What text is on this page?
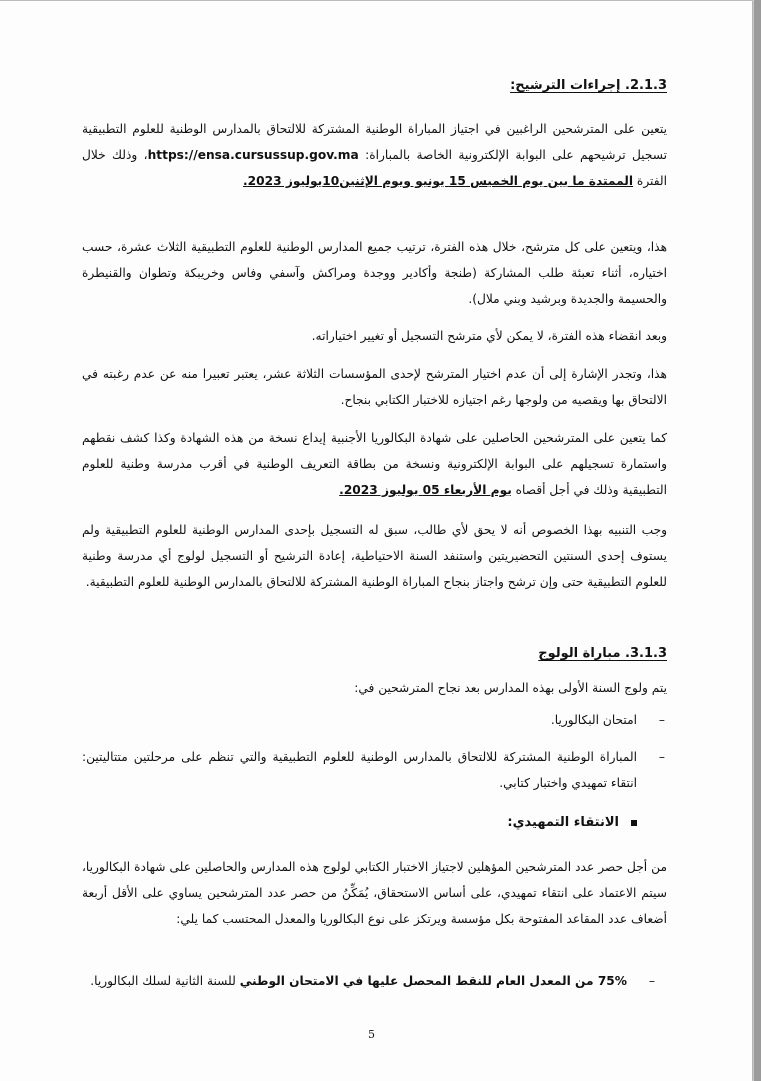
2.1.3. إجراءات الترشيح:

يتعين على المترشحين الراغبين في اجتياز المباراة الوطنية المشتركة للالتحاق بالمدارس الوطنية للعلوم التطبيقية تسجيل ترشيحهم على البوابة الإلكترونية الخاصة بالمباراة: https://ensa.cursussup.gov.ma، وذلك خلال الفترة الممتدة ما بين يوم الخميس 15 يونيو ويوم الإثنين10يوليوز 2023.

هذا، ويتعين على كل مترشح، خلال هذه الفترة، ترتيب جميع المدارس الوطنية للعلوم التطبيقية الثلاث عشرة، حسب اختياره، أثناء تعبئة طلب المشاركة (طنجة وأكادير ووجدة ومراكش وآسفي وفاس وخريبكة وتطوان والقنيطرة والحسيمة والجديدة وبرشيد وبني ملال).

وبعد انقضاء هذه الفترة، لا يمكن لأي مترشح التسجيل أو تغيير اختياراته.

هذا، وتجدر الإشارة إلى أن عدم اختيار المترشح لإحدى المؤسسات الثلاثة عشر، يعتبر تعبيرا منه عن عدم رغبته في الالتحاق بها ويقصيه من ولوجها رغم اجتيازه للاختبار الكتابي بنجاح.

كما يتعين على المترشحين الحاصلين على شهادة البكالوريا الأجنبية إيداع نسخة من هذه الشهادة وكذا كشف نقطهم واستمارة تسجيلهم على البوابة الإلكترونية ونسخة من بطاقة التعريف الوطنية في أقرب مدرسة وطنية للعلوم التطبيقية وذلك في أجل أقصاه يوم الأربعاء 05 يوليوز 2023.

وجب التنبيه بهذا الخصوص أنه لا يحق لأي طالب، سبق له التسجيل بإحدى المدارس الوطنية للعلوم التطبيقية ولم يستوف إحدى السنتين التحضيريتين واستنفد السنة الاحتياطية، إعادة الترشيح أو التسجيل لولوج أي مدرسة وطنية للعلوم التطبيقية حتى وإن ترشح واجتاز بنجاح المباراة الوطنية المشتركة للالتحاق بالمدارس الوطنية للعلوم التطبيقية.

3.1.3. مباراة الولوج

يتم ولوج السنة الأولى بهذه المدارس بعد نجاح المترشحين في:

–
امتحان البكالوريا.
–
المباراة الوطنية المشتركة للالتحاق بالمدارس الوطنية للعلوم التطبيقية والتي تنظم على مرحلتين متتاليتين: انتقاء تمهيدي واختبار كتابي.
الانتقاء التمهيدي:

من أجل حصر عدد المترشحين المؤهلين لاجتياز الاختبار الكتابي لولوج هذه المدارس والحاصلين على شهادة البكالوريا، سيتم الاعتماد على انتقاء تمهيدي، على أساس الاستحقاق، يُمَكِّنُ من حصر عدد المترشحين يساوي على الأقل أربعة أضعاف عدد المقاعد المفتوحة بكل مؤسسة ويرتكز على نوع البكالوريا والمعدل المحتسب كما يلي:

–
75% من المعدل العام للنقط المحصل عليها في الامتحان الوطني للسنة الثانية لسلك البكالوريا.
5
